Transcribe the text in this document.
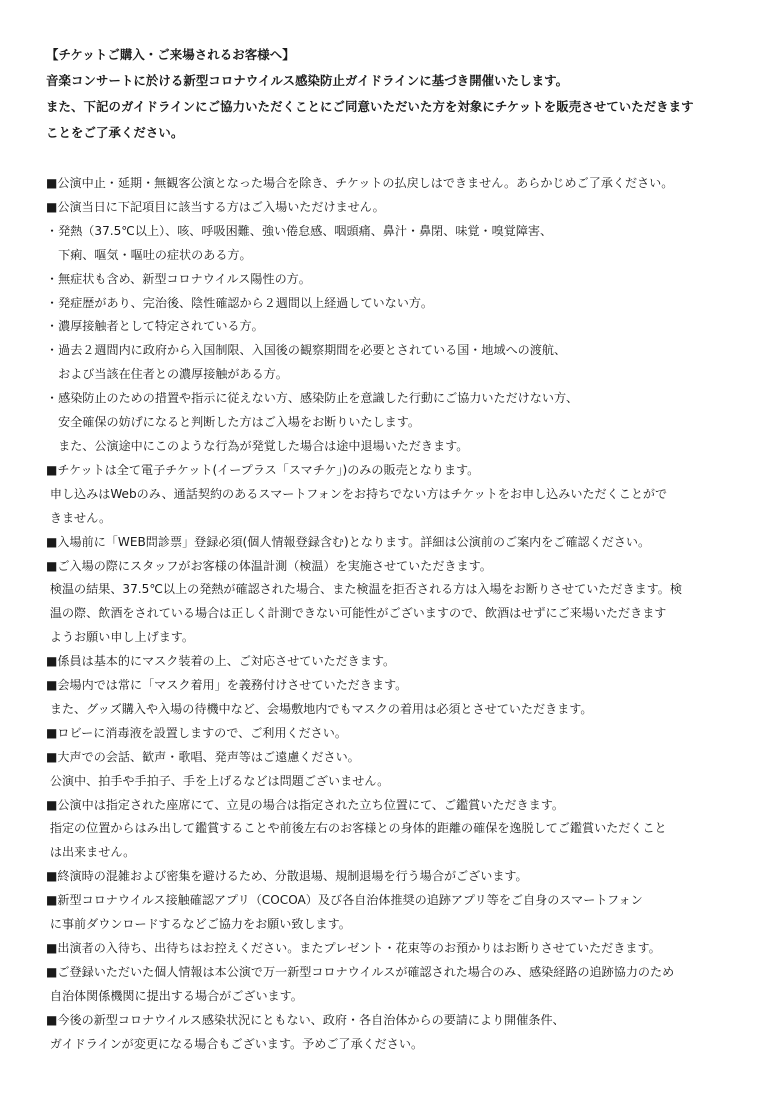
【チケットご購入・ご来場されるお客様へ】

音楽コンサートに於ける新型コロナウイルス感染防止ガイドラインに基づき開催いたします。

また、下記のガイドラインにご協力いただくことにご同意いただいた方を対象にチケットを販売させていただきます

ことをご了承ください。

■公演中止・延期・無観客公演となった場合を除き、チケットの払戻しはできません。あらかじめご了承ください。

■公演当日に下記項目に該当する方はご入場いただけません。

・発熱（37.5℃以上）、咳、呼吸困難、強い倦怠感、咽頭痛、鼻汁・鼻閉、味覚・嗅覚障害、

　下痢、嘔気・嘔吐の症状のある方。

・無症状も含め、新型コロナウイルス陽性の方。

・発症歴があり、完治後、陰性確認から２週間以上経過していない方。

・濃厚接触者として特定されている方。

・過去２週間内に政府から入国制限、入国後の観察期間を必要とされている国・地域への渡航、

　および当該在住者との濃厚接触がある方。

・感染防止のための措置や指示に従えない方、感染防止を意識した行動にご協力いただけない方、

　安全確保の妨げになると判断した方はご入場をお断りいたします。

　また、公演途中にこのような行為が発覚した場合は途中退場いただきます。

■チケットは全て電子チケット(イープラス「スマチケ」)のみの販売となります。

申し込みはWebのみ、通話契約のあるスマートフォンをお持ちでない方はチケットをお申し込みいただくことがで

きません。

■入場前に「WEB問診票」登録必須(個人情報登録含む)となります。詳細は公演前のご案内をご確認ください。

■ご入場の際にスタッフがお客様の体温計測（検温）を実施させていただきます。

検温の結果、37.5℃以上の発熱が確認された場合、また検温を拒否される方は入場をお断りさせていただきます。検

温の際、飲酒をされている場合は正しく計測できない可能性がございますので、飲酒はせずにご来場いただきます

ようお願い申し上げます。

■係員は基本的にマスク装着の上、ご対応させていただきます。

■会場内では常に「マスク着用」を義務付けさせていただきます。

また、グッズ購入や入場の待機中など、会場敷地内でもマスクの着用は必須とさせていただきます。

■ロビーに消毒液を設置しますので、ご利用ください。

■大声での会話、歓声・歌唱、発声等はご遠慮ください。

公演中、拍手や手拍子、手を上げるなどは問題ございません。

■公演中は指定された座席にて、立見の場合は指定された立ち位置にて、ご鑑賞いただきます。

指定の位置からはみ出して鑑賞することや前後左右のお客様との身体的距離の確保を逸脱してご鑑賞いただくこと

は出来ません。

■終演時の混雑および密集を避けるため、分散退場、規制退場を行う場合がございます。

■新型コロナウイルス接触確認アプリ（COCOA）及び各自治体推奨の追跡アプリ等をご自身のスマートフォン

に事前ダウンロードするなどご協力をお願い致します。

■出演者の入待ち、出待ちはお控えください。またプレゼント・花束等のお預かりはお断りさせていただきます。

■ご登録いただいた個人情報は本公演で万一新型コロナウイルスが確認された場合のみ、感染経路の追跡協力のため

自治体関係機関に提出する場合がございます。

■今後の新型コロナウイルス感染状況にともない、政府・各自治体からの要請により開催条件、

ガイドラインが変更になる場合もございます。予めご了承ください。
